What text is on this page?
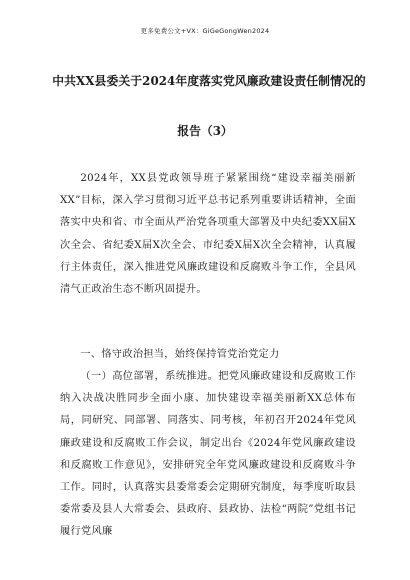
更多免费公文+VX：GiGeGongWen2024
中共XX县委关于2024年度落实党风廉政建设责任制情况的
报告（3）

2024年，XX县党政领导班子紧紧围绕“建设幸福美丽新XX”目标，深入学习贯彻习近平总书记系列重要讲话精神，全面落实中央和省、市全面从严治党各项重大部署及中央纪委XX届X次全会、省纪委X届X次全会、市纪委X届X次全会精神，认真履行主体责任，深入推进党风廉政建设和反腐败斗争工作，全县风清气正政治生态不断巩固提升。

一、恪守政治担当，始终保持管党治党定力

（一）高位部署，系统推进。把党风廉政建设和反腐败工作纳入决战决胜同步全面小康、加快建设幸福美丽新XX总体布局，同研究、同部署、同落实、同考核，年初召开2024年党风廉政建设和反腐败工作会议，制定出台《2024年党风廉政建设和反腐败工作意见》，安排研究全年党风廉政建设和反腐败斗争工作。同时，认真落实县委常委会定期研究制度，每季度听取县委常委及县人大常委会、县政府、县政协、法检“两院”党组书记履行党风廉
